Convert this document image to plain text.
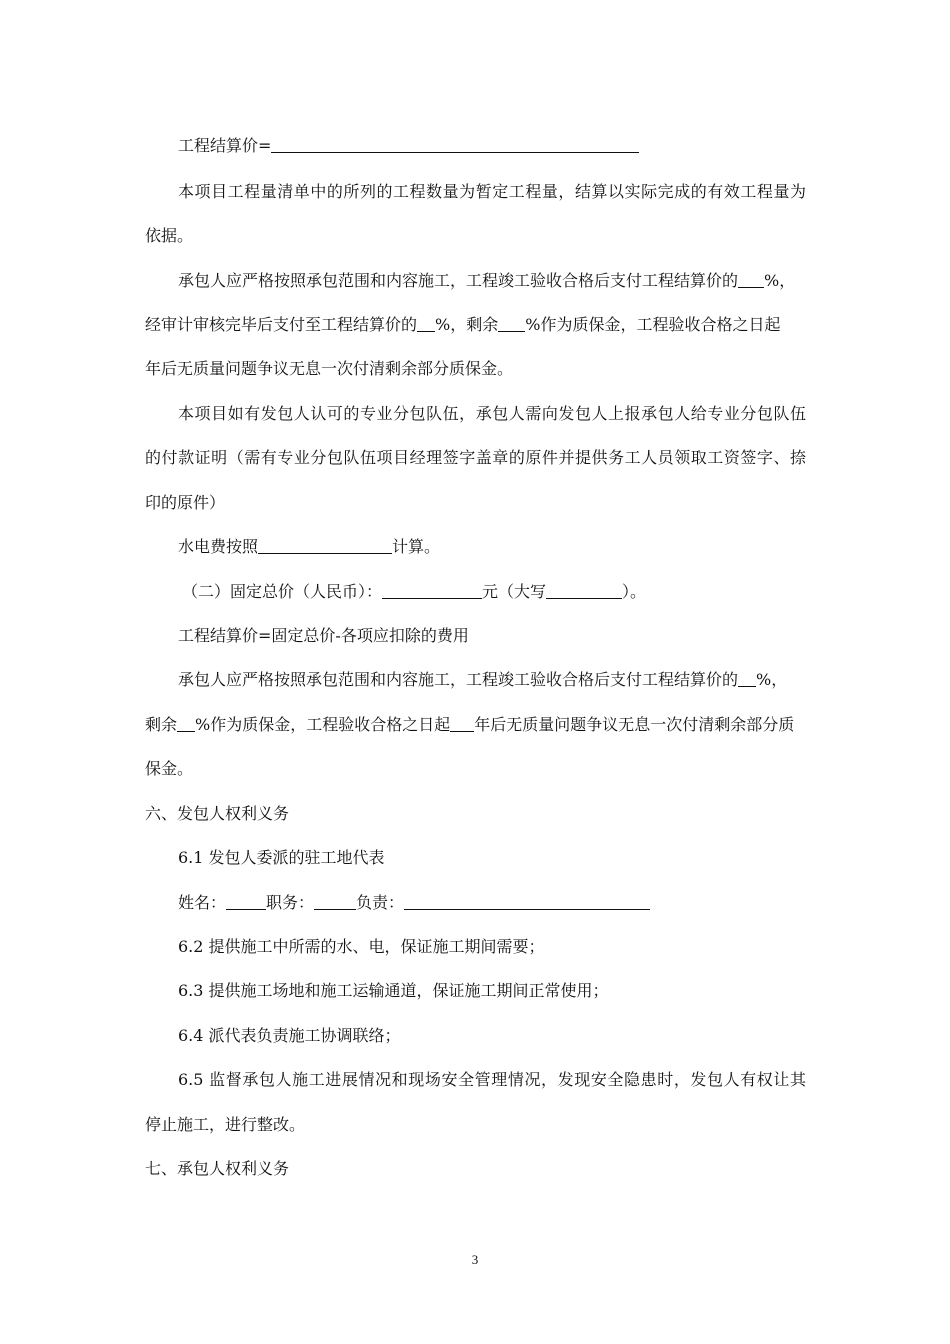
工程结算价=
本项目工程量清单中的所列的工程数量为暂定工程量，结算以实际完成的有效工程量为
依据。
承包人应严格按照承包范围和内容施工，工程竣工验收合格后支付工程结算价的 %，
经审计审核完毕后支付至工程结算价的 %，剩余 %作为质保金，工程验收合格之日起
年后无质量问题争议无息一次付清剩余部分质保金。
本项目如有发包人认可的专业分包队伍，承包人需向发包人上报承包人给专业分包队伍
的付款证明（需有专业分包队伍项目经理签字盖章的原件并提供务工人员领取工资签字、捺
印的原件）
水电费按照	计算。
（二）固定总价（人民币）：	元（大写	）。
工程结算价=固定总价-各项应扣除的费用
承包人应严格按照承包范围和内容施工，工程竣工验收合格后支付工程结算价的 %，
剩余 %作为质保金，工程验收合格之日起 年后无质量问题争议无息一次付清剩余部分质
保金。
六、发包人权利义务
6.1 发包人委派的驻工地代表
姓名：	职务：	负责：
6.2 提供施工中所需的水、电，保证施工期间需要；
6.3 提供施工场地和施工运输通道，保证施工期间正常使用；
6.4 派代表负责施工协调联络；
6.5 监督承包人施工进展情况和现场安全管理情况，发现安全隐患时，发包人有权让其
停止施工，进行整改。
七、承包人权利义务
3
